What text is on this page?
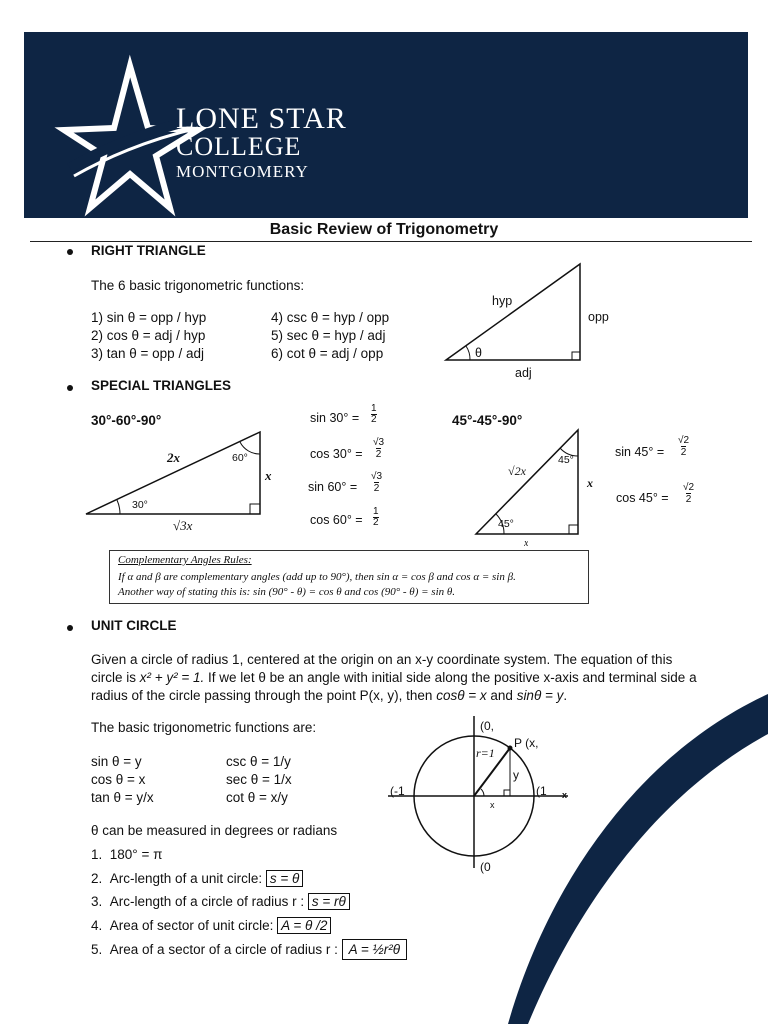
LONE STAR
COLLEGE
MONTGOMERY
Basic Review of Trigonometry
RIGHT TRIANGLE
The 6 basic trigonometric functions:
1) sin θ = opp / hyp
2) cos θ = adj / hyp
3) tan θ = opp / adj
4) csc θ = hyp / opp
5) sec θ = hyp / adj
6) cot θ = adj / opp
hyp
opp
adj
θ
SPECIAL TRIANGLES
30°-60°-90°
2x
x
√3x
60°
30°
sin 30° =
1
2
cos 30° =
√3
2
sin 60° =
√3
2
cos 60° =
1
2
45°-45°-90°
√2x
x
x
45°
45°
sin 45° =
√2
2
cos 45° =
√2
2
Complementary Angles Rules:
If α and β are complementary angles (add up to 90°), then sin α = cos β and cos α = sin β.
Another way of stating this is: sin (90° - θ) = cos θ and cos (90° - θ) = sin θ.
UNIT CIRCLE
Given a circle of radius 1, centered at the origin on an x-y coordinate system. The equation of this
circle is x² + y² = 1. If we let θ be an angle with initial side along the positive x-axis and terminal side a
radius of the circle passing through the point P(x, y), then cosθ = x and sinθ = y.
The basic trigonometric functions are:
sin θ = y
cos θ = x
tan θ = y/x
csc θ = 1/y
sec θ = 1/x
cot θ = x/y
θ can be measured in degrees or radians
1. 180° = π
2. Arc-length of a unit circle: s = θ
3. Arc-length of a circle of radius r : s = rθ
4. Area of sector of unit circle: A = θ /2
5. Area of a sector of a circle of radius r : A = ½r²θ
(0,
P (x,
r=1
y
(-1	(1 x
x
(0
